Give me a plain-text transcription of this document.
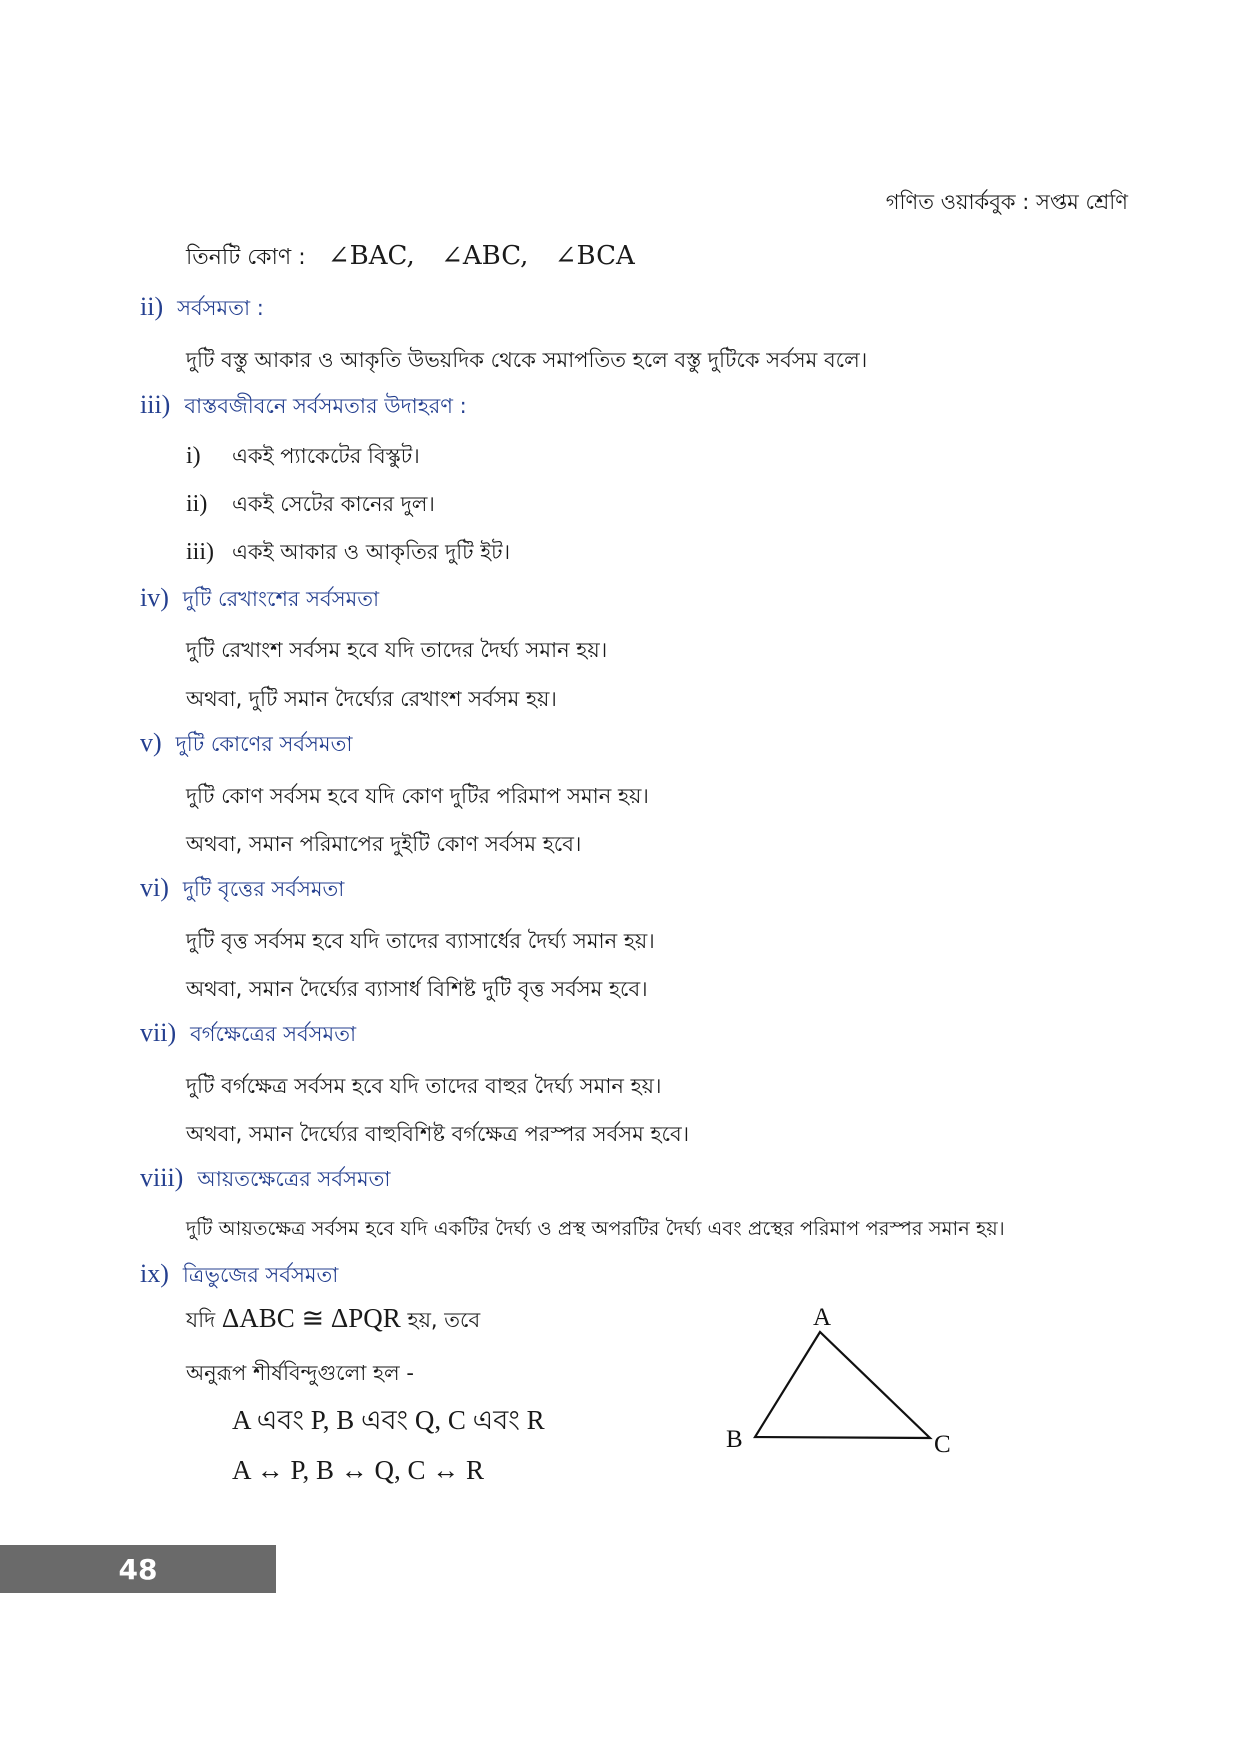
গণিত ওয়ার্কবুক : সপ্তম শ্রেণি
তিনটি কোণ : ∠BAC, ∠ABC, ∠BCA
ii) সর্বসমতা :
দুটি বস্তু আকার ও আকৃতি উভয়দিক থেকে সমাপতিত হলে বস্তু দুটিকে সর্বসম বলে।
iii) বাস্তবজীবনে সর্বসমতার উদাহরণ :
i) একই প্যাকেটের বিস্কুট।
ii) একই সেটের কানের দুল।
iii) একই আকার ও আকৃতির দুটি ইট।
iv) দুটি রেখাংশের সর্বসমতা
দুটি রেখাংশ সর্বসম হবে যদি তাদের দৈর্ঘ্য সমান হয়।
অথবা, দুটি সমান দৈর্ঘ্যের রেখাংশ সর্বসম হয়।
v) দুটি কোণের সর্বসমতা
দুটি কোণ সর্বসম হবে যদি কোণ দুটির পরিমাপ সমান হয়।
অথবা, সমান পরিমাপের দুইটি কোণ সর্বসম হবে।
vi) দুটি বৃত্তের সর্বসমতা
দুটি বৃত্ত সর্বসম হবে যদি তাদের ব্যাসার্ধের দৈর্ঘ্য সমান হয়।
অথবা, সমান দৈর্ঘ্যের ব্যাসার্ধ বিশিষ্ট দুটি বৃত্ত সর্বসম হবে।
vii) বর্গক্ষেত্রের সর্বসমতা
দুটি বর্গক্ষেত্র সর্বসম হবে যদি তাদের বাহুর দৈর্ঘ্য সমান হয়।
অথবা, সমান দৈর্ঘ্যের বাহুবিশিষ্ট বর্গক্ষেত্র পরস্পর সর্বসম হবে।
viii) আয়তক্ষেত্রের সর্বসমতা
দুটি আয়তক্ষেত্র সর্বসম হবে যদি একটির দৈর্ঘ্য ও প্রস্থ অপরটির দৈর্ঘ্য এবং প্রস্থের পরিমাপ পরস্পর সমান হয়।
ix) ত্রিভুজের সর্বসমতা
যদি ΔABC ≅ ΔPQR হয়, তবে
অনুরূপ শীর্ষবিন্দুগুলো হল -
A এবং P, B এবং Q, C এবং R
A ↔ P, B ↔ Q, C ↔ R
A
B	C
48
